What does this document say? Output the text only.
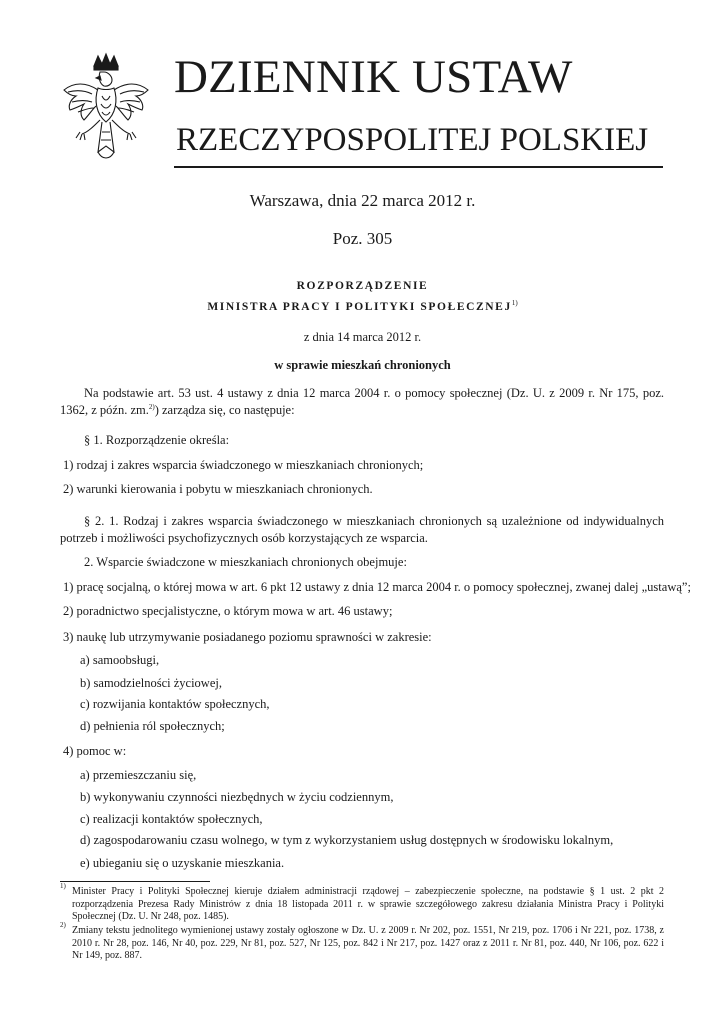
DZIENNIK USTAW
RZECZYPOSPOLITEJ POLSKIEJ
Warszawa, dnia 22 marca 2012 r.
Poz. 305
ROZPORZĄDZENIE
MINISTRA PRACY I POLITYKI SPOŁECZNEJ$^{1)}$
z dnia 14 marca 2012 r.
w sprawie mieszkań chronionych
Na podstawie art. 53 ust. 4 ustawy z dnia 12 marca 2004 r. o pomocy społecznej (Dz. U. z 2009 r. Nr 175, poz. 1362, z późn. zm.$^{2)}$) zarządza się, co następuje:
§ 1. Rozporządzenie określa:
1) rodzaj i zakres wsparcia świadczonego w mieszkaniach chronionych;
2) warunki kierowania i pobytu w mieszkaniach chronionych.
§ 2. 1. Rodzaj i zakres wsparcia świadczonego w mieszkaniach chronionych są uzależnione od indywidualnych potrzeb i możliwości psychofizycznych osób korzystających ze wsparcia.
2. Wsparcie świadczone w mieszkaniach chronionych obejmuje:
1) pracę socjalną, o której mowa w art. 6 pkt 12 ustawy z dnia 12 marca 2004 r. o pomocy społecznej, zwanej dalej „ustawą”;
2) poradnictwo specjalistyczne, o którym mowa w art. 46 ustawy;
3) naukę lub utrzymywanie posiadanego poziomu sprawności w zakresie:
a) samoobsługi,
b) samodzielności życiowej,
c) rozwijania kontaktów społecznych,
d) pełnienia ról społecznych;
4) pomoc w:
a) przemieszczaniu się,
b) wykonywaniu czynności niezbędnych w życiu codziennym,
c) realizacji kontaktów społecznych,
d) zagospodarowaniu czasu wolnego, w tym z wykorzystaniem usług dostępnych w środowisku lokalnym,
e) ubieganiu się o uzyskanie mieszkania.
1) Minister Pracy i Polityki Społecznej kieruje działem administracji rządowej – zabezpieczenie społeczne, na podstawie § 1 ust. 2 pkt 2 rozporządzenia Prezesa Rady Ministrów z dnia 18 listopada 2011 r. w sprawie szczegółowego zakresu działania Ministra Pracy i Polityki Społecznej (Dz. U. Nr 248, poz. 1485).
2) Zmiany tekstu jednolitego wymienionej ustawy zostały ogłoszone w Dz. U. z 2009 r. Nr 202, poz. 1551, Nr 219, poz. 1706 i Nr 221, poz. 1738, z 2010 r. Nr 28, poz. 146, Nr 40, poz. 229, Nr 81, poz. 527, Nr 125, poz. 842 i Nr 217, poz. 1427 oraz z 2011 r. Nr 81, poz. 440, Nr 106, poz. 622 i Nr 149, poz. 887.
